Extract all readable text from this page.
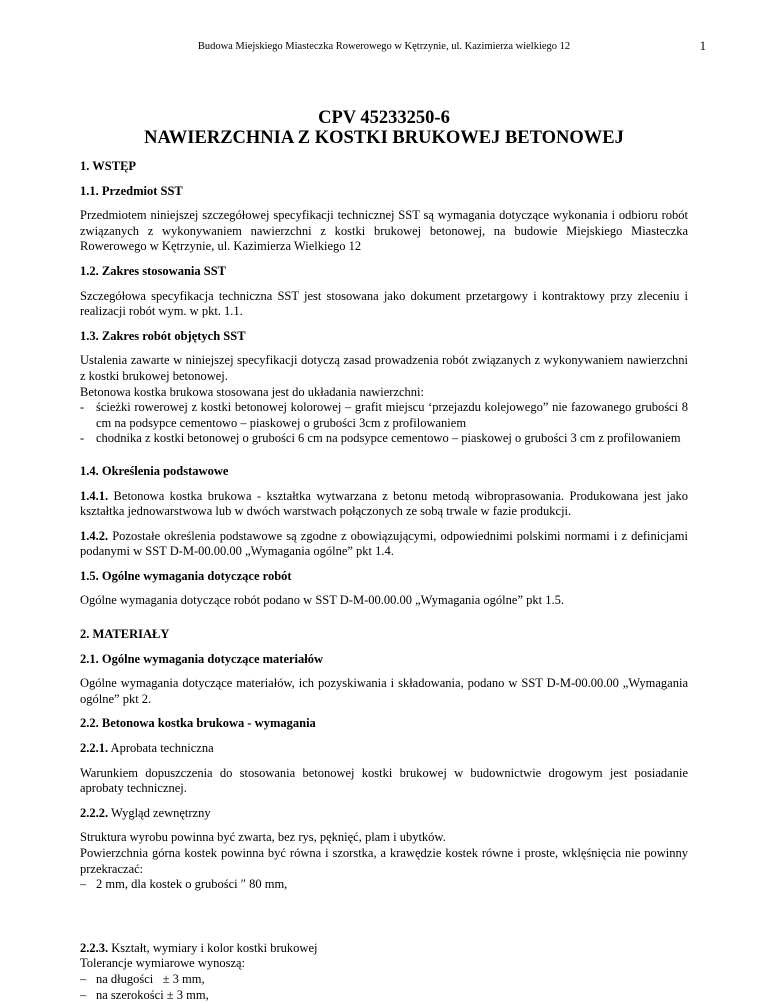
Budowa Miejskiego Miasteczka Rowerowego w Kętrzynie, ul. Kazimierza wielkiego 12	1

CPV 45233250-6

NAWIERZCHNIA Z KOSTKI BRUKOWEJ BETONOWEJ

1. WSTĘP

1.1. Przedmiot SST

Przedmiotem niniejszej szczegółowej specyfikacji technicznej SST są wymagania dotyczące wykonania i odbioru robót związanych z wykonywaniem nawierzchni z kostki brukowej betonowej, na budowie Miejskiego Miasteczka Rowerowego w Kętrzynie, ul. Kazimierza Wielkiego 12

1.2. Zakres stosowania SST

Szczegółowa specyfikacja techniczna SST jest stosowana jako dokument przetargowy i kontraktowy przy zleceniu i realizacji robót wym. w pkt. 1.1.

1.3. Zakres robót objętych SST

Ustalenia zawarte w niniejszej specyfikacji dotyczą zasad prowadzenia robót związanych z wykonywaniem nawierzchni z kostki brukowej betonowej.

Betonowa kostka brukowa stosowana jest do układania nawierzchni:

- ścieżki rowerowej z kostki betonowej kolorowej – grafit miejscu ‘przejazdu kolejowego” nie fazowanego grubości 8 cm na podsypce cementowo – piaskowej o grubości 3cm z profilowaniem
- chodnika z kostki betonowej o grubości 6 cm na podsypce cementowo – piaskowej o grubości 3 cm z profilowaniem

1.4. Określenia podstawowe

1.4.1. Betonowa kostka brukowa - kształtka wytwarzana z betonu metodą wibroprasowania. Produkowana jest jako kształtka jednowarstwowa lub w dwóch warstwach połączonych ze sobą trwale w fazie produkcji.

1.4.2. Pozostałe określenia podstawowe są zgodne z obowiązującymi, odpowiednimi polskimi normami i z definicjami podanymi w SST D-M-00.00.00 „Wymagania ogólne” pkt 1.4.

1.5. Ogólne wymagania dotyczące robót

Ogólne wymagania dotyczące robót podano w SST D-M-00.00.00 „Wymagania ogólne” pkt 1.5.

2. MATERIAŁY

2.1. Ogólne wymagania dotyczące materiałów

Ogólne wymagania dotyczące materiałów, ich pozyskiwania i składowania, podano w SST D-M-00.00.00 „Wymagania ogólne” pkt 2.

2.2. Betonowa kostka brukowa - wymagania

2.2.1. Aprobata techniczna

Warunkiem dopuszczenia do stosowania betonowej kostki brukowej w budownictwie drogowym jest posiadanie aprobaty technicznej.

2.2.2. Wygląd zewnętrzny

Struktura wyrobu powinna być zwarta, bez rys, pęknięć, plam i ubytków.

Powierzchnia górna kostek powinna być równa i szorstka, a krawędzie kostek równe i proste, wklęśnięcia nie powinny przekraczać:

– 2 mm, dla kostek o grubości ″ 80 mm,

2.2.3. Kształt, wymiary i kolor kostki brukowej

Tolerancje wymiarowe wynoszą:

– na długości   ± 3 mm,
– na szerokości ± 3 mm,
